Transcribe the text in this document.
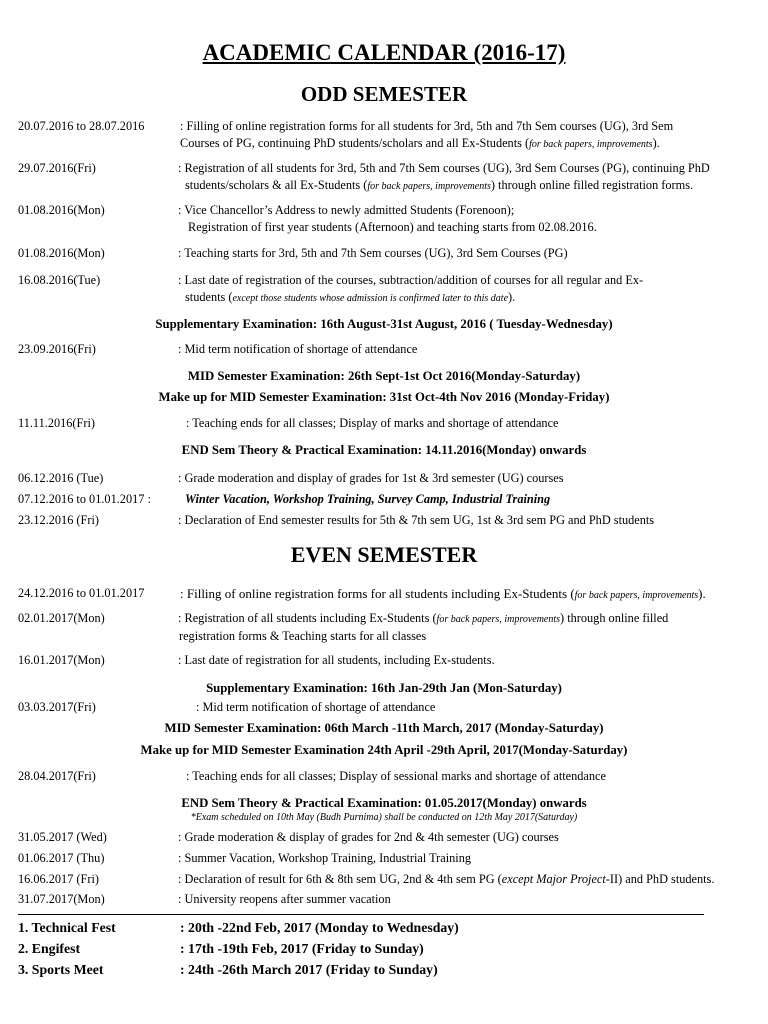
ACADEMIC CALENDAR (2016-17)
ODD SEMESTER
20.07.2016 to 28.07.2016	: Filling of online registration forms for all students for 3rd, 5th and 7th Sem courses (UG), 3rd Sem
Courses of PG, continuing PhD students/scholars and all Ex-Students (for back papers, improvements).
29.07.2016(Fri)	: Registration of all students for 3rd, 5th and 7th Sem courses (UG), 3rd Sem Courses (PG), continuing PhD
students/scholars & all Ex-Students (for back papers, improvements) through online filled registration forms.
01.08.2016(Mon)	: Vice Chancellor’s Address to newly admitted Students (Forenoon);
Registration of first year students (Afternoon) and teaching starts from 02.08.2016.
01.08.2016(Mon)	: Teaching starts for 3rd, 5th and 7th Sem courses (UG), 3rd Sem Courses (PG)
16.08.2016(Tue)	: Last date of registration of the courses, subtraction/addition of courses for all regular and Ex-
students (except those students whose admission is confirmed later to this date).
Supplementary Examination: 16th August-31st August, 2016 ( Tuesday-Wednesday)
23.09.2016(Fri)	: Mid term notification of shortage of attendance
MID Semester Examination: 26th Sept-1st Oct 2016(Monday-Saturday)
Make up for MID Semester Examination: 31st Oct-4th Nov 2016 (Monday-Friday)
11.11.2016(Fri)	: Teaching ends for all classes; Display of marks and shortage of attendance
END Sem Theory & Practical Examination: 14.11.2016(Monday) onwards
06.12.2016 (Tue)	: Grade moderation and display of grades for 1st & 3rd semester (UG) courses
07.12.2016 to 01.01.2017 :	Winter Vacation, Workshop Training, Survey Camp, Industrial Training
23.12.2016 (Fri)	: Declaration of End semester results for 5th & 7th sem UG, 1st & 3rd sem PG and PhD students
EVEN SEMESTER
24.12.2016 to 01.01.2017	: Filling of online registration forms for all students including Ex-Students (for back papers, improvements).
02.01.2017(Mon)	: Registration of all students including Ex-Students (for back papers, improvements) through online filled
registration forms & Teaching starts for all classes
16.01.2017(Mon)	: Last date of registration for all students, including Ex-students.
Supplementary Examination: 16th Jan-29th Jan (Mon-Saturday)
03.03.2017(Fri)	: Mid term notification of shortage of attendance
MID Semester Examination: 06th March -11th March, 2017 (Monday-Saturday)
Make up for MID Semester Examination 24th April -29th April, 2017(Monday-Saturday)
28.04.2017(Fri)	: Teaching ends for all classes; Display of sessional marks and shortage of attendance
END Sem Theory & Practical Examination: 01.05.2017(Monday) onwards
*Exam scheduled on 10th May (Budh Purnima) shall be conducted on 12th May 2017(Saturday)
31.05.2017 (Wed)	: Grade moderation & display of grades for 2nd & 4th semester (UG) courses
01.06.2017 (Thu)	: Summer Vacation, Workshop Training, Industrial Training
16.06.2017 (Fri)	: Declaration of result for 6th & 8th sem UG, 2nd & 4th sem PG (except Major Project-II) and PhD students.
31.07.2017(Mon)	: University reopens after summer vacation
1. Technical Fest	: 20th -22nd Feb, 2017 (Monday to Wednesday)
2. Engifest	: 17th -19th Feb, 2017 (Friday to Sunday)
3. Sports Meet	: 24th -26th March 2017 (Friday to Sunday)
